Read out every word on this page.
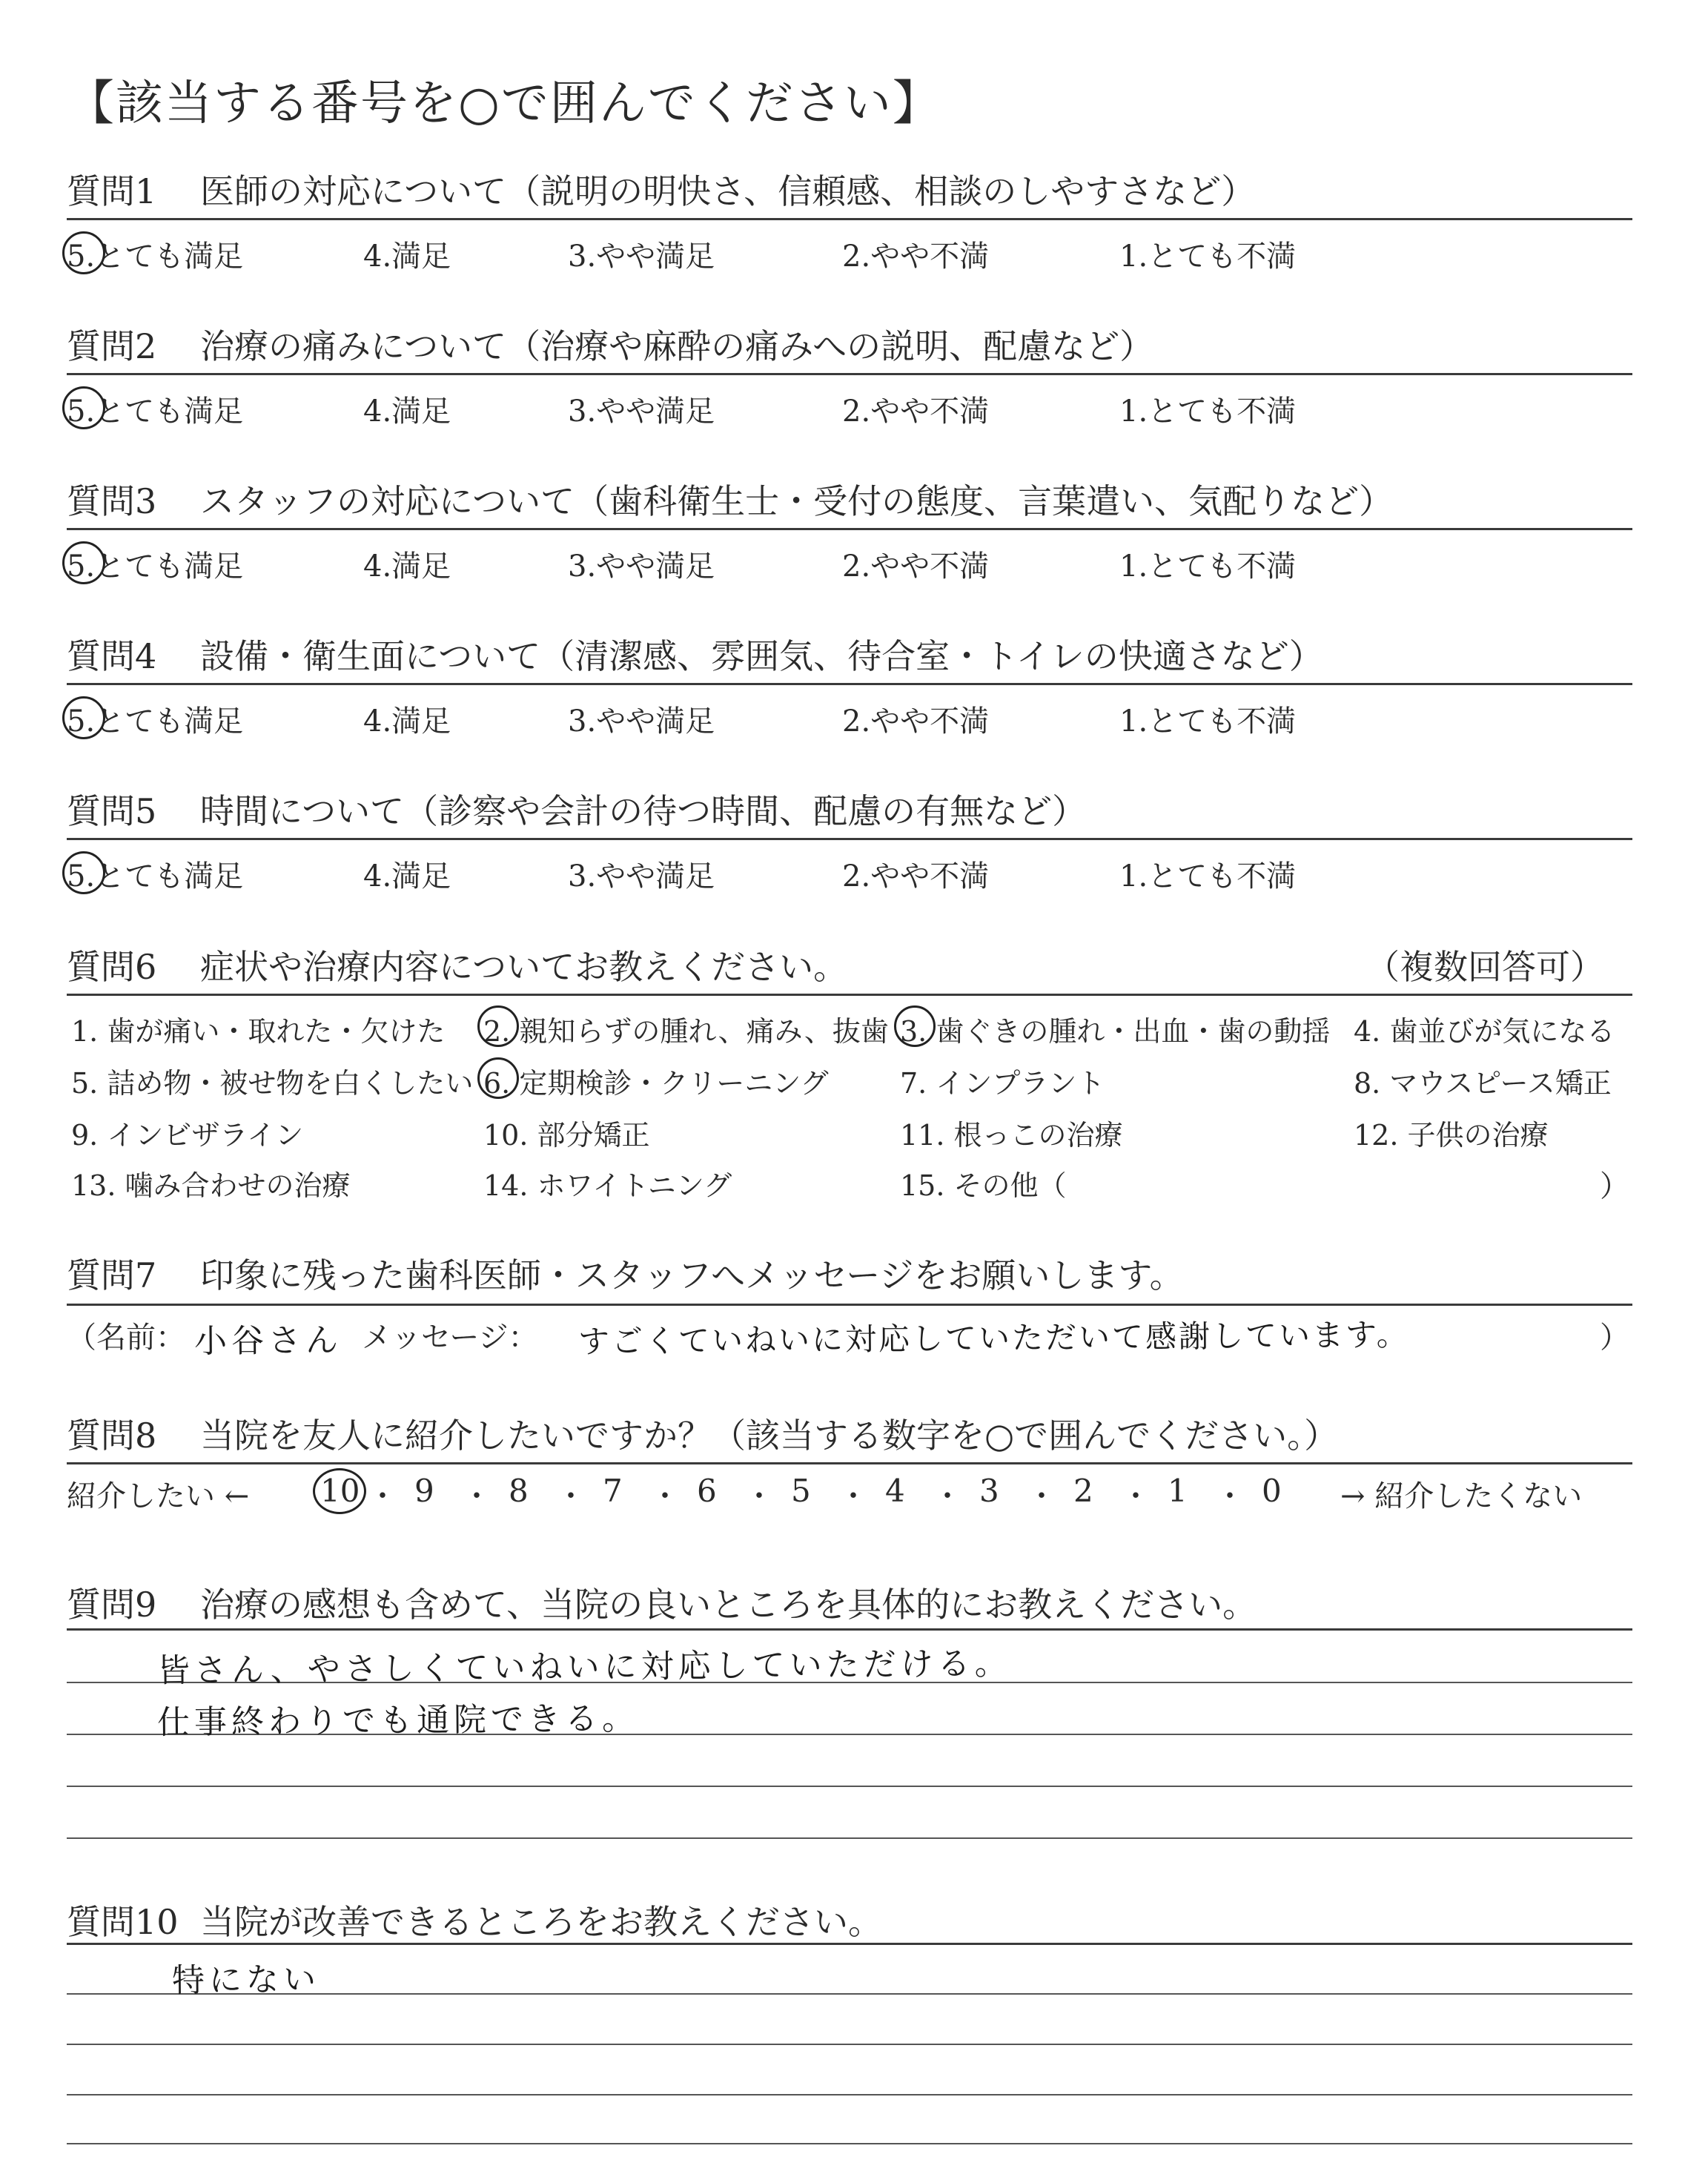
【該当する番号を○で囲んでください】
質問1 医師の対応について（説明の明快さ、信頼感、相談のしやすさなど）
5.とても満足	4.満足	3.やや満足	2.やや不満	1.とても不満
質問2 治療の痛みについて（治療や麻酔の痛みへの説明、配慮など）
5.とても満足	4.満足	3.やや満足	2.やや不満	1.とても不満
質問3 スタッフの対応について（歯科衛生士・受付の態度、言葉遣い、気配りなど）
5.とても満足	4.満足	3.やや満足	2.やや不満	1.とても不満
質問4 設備・衛生面について（清潔感、雰囲気、待合室・トイレの快適さなど）
5.とても満足	4.満足	3.やや満足	2.やや不満	1.とても不満
質問5 時間について（診察や会計の待つ時間、配慮の有無など）
5.とても満足	4.満足	3.やや満足	2.やや不満	1.とても不満
質問6 症状や治療内容についてお教えください。	（複数回答可）
1. 歯が痛い・取れた・欠けた 2. 親知らずの腫れ、痛み、抜歯 3. 歯ぐきの腫れ・出血・歯の動揺 4. 歯並びが気になる
5. 詰め物・被せ物を白くしたい 6. 定期検診・クリーニング	7. インプラント	8. マウスピース矯正
9. インビザライン	10. 部分矯正	11. 根っこの治療	12. 子供の治療
13. 噛み合わせの治療	14. ホワイトニング	15. その他（	）
質問7 印象に残った歯科医師・スタッフへメッセージをお願いします。
（名前： 小谷さん メッセージ： すごくていねいに対応していただいて感謝しています。	）
質問8 当院を友人に紹介したいですか？（該当する数字を○で囲んでください。）
紹介したい ← 10 ・ 9 ・ 8 ・ 7 ・ 6 ・ 5 ・ 4 ・ 3 ・ 2 ・ 1 ・ 0 → 紹介したくない
質問9 治療の感想も含めて、当院の良いところを具体的にお教えください。
皆さん、やさしくていねいに対応していただける。
仕事終わりでも通院できる。
質問10 当院が改善できるところをお教えください。
特にない
